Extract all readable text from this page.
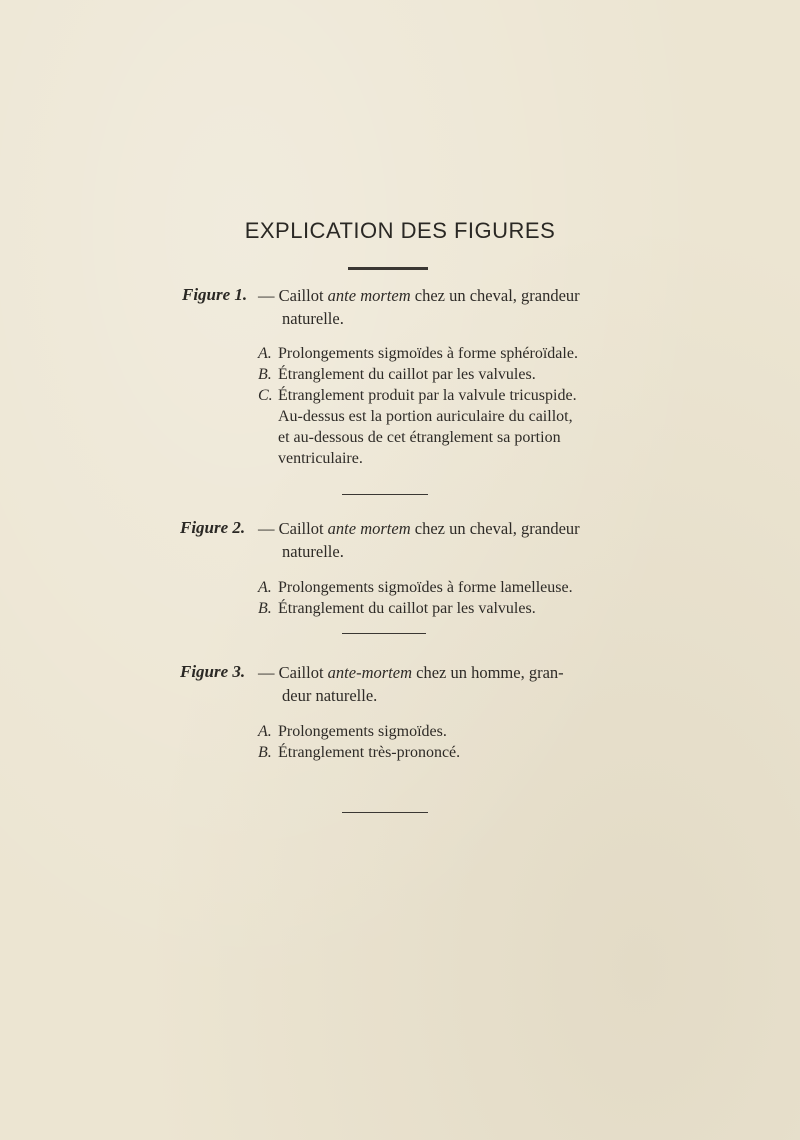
EXPLICATION DES FIGURES
Figure 1. — Caillot ante mortem chez un cheval, grandeur
naturelle.
A. Prolongements sigmoïdes à forme sphéroïdale.
B. Étranglement du caillot par les valvules.
C. Étranglement produit par la valvule tricuspide.
Au-dessus est la portion auriculaire du caillot,
et au-dessous de cet étranglement sa portion
ventriculaire.
Figure 2. — Caillot ante mortem chez un cheval, grandeur
naturelle.
A. Prolongements sigmoïdes à forme lamelleuse.
B. Étranglement du caillot par les valvules.
Figure 3. — Caillot ante-mortem chez un homme, gran-
deur naturelle.
A. Prolongements sigmoïdes.
B. Étranglement très-prononcé.
